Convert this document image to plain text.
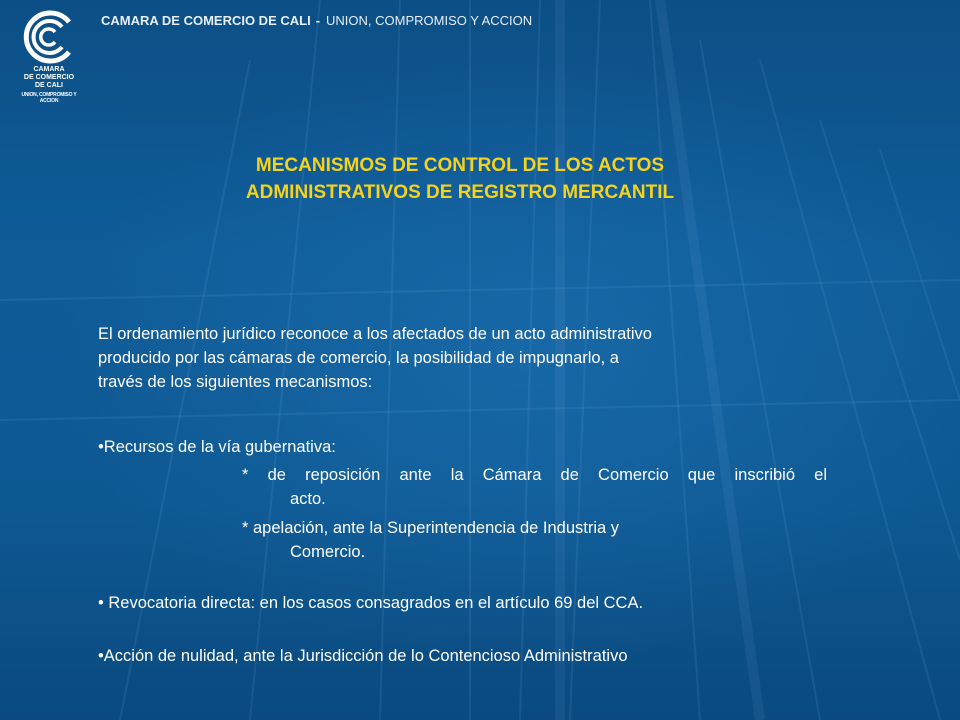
CAMARA
DE COMERCIO
DE CALI
UNION, COMPROMISO Y ACCION
CAMARA DE COMERCIO DE CALI - UNION, COMPROMISO Y ACCION
MECANISMOS DE CONTROL DE LOS ACTOS
ADMINISTRATIVOS DE REGISTRO MERCANTIL
El ordenamiento jurídico reconoce a los afectados de un acto administrativo
producido por las cámaras de comercio, la posibilidad de impugnarlo, a
través de los siguientes mecanismos:
•Recursos de la vía gubernativa:
* de reposición ante la Cámara de Comercio que inscribió el
acto.
* apelación, ante la Superintendencia de Industria y
Comercio.
• Revocatoria directa: en los casos consagrados en el artículo 69 del CCA.
•Acción de nulidad, ante la Jurisdicción de lo Contencioso Administrativo
